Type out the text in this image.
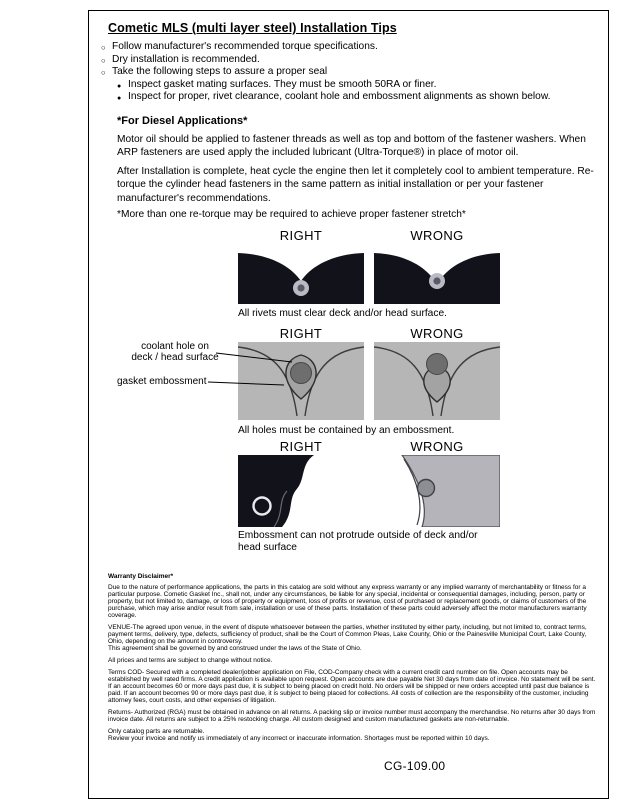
Cometic MLS (multi layer steel) Installation Tips
○ Follow manufacturer's recommended torque specifications.
○ Dry installation is recommended.
○ Take the following steps to assure a proper seal
● Inspect gasket mating surfaces. They must be smooth 50RA or finer.
● Inspect for proper, rivet clearance, coolant hole and embossment alignments as shown below.
*For Diesel Applications*
Motor oil should be applied to fastener threads as well as top and bottom of the fastener washers. When ARP fasteners are used apply the included lubricant (Ultra-Torque®) in place of motor oil.
After Installation is complete, heat cycle the engine then let it completely cool to ambient temperature. Re-torque the cylinder head fasteners in the same pattern as initial installation or per your fastener manufacturer's recommendations.
*More than one re-torque may be required to achieve proper fastener stretch*
RIGHT	WRONG
All rivets must clear deck and/or head surface.
RIGHT	WRONG
coolant hole on
deck / head surface
gasket embossment
All holes must be contained by an embossment.
RIGHT	WRONG
Embossment can not protrude outside of deck and/or head surface
Warranty Disclaimer*
Due to the nature of performance applications, the parts in this catalog are sold without any express warranty or any implied warranty of merchantability or fitness for a particular purpose. Cometic Gasket Inc., shall not, under any circumstances, be liable for any special, incidental or consequential damages, including, person, party or property, but not limited to, damage, or loss of property or equipment, loss of profits or revenue, cost of purchased or replacement goods, or claims of customers of the purchase, which may arise and/or result from sale, installation or use of these parts. Installation of these parts could adversely affect the motor manufacturers warranty coverage.
VENUE-The agreed upon venue, in the event of dispute whatsoever between the parties, whether instituted by either party, including, but not limited to, contract terms, payment terms, delivery, type, defects, sufficiency of product, shall be the Court of Common Pleas, Lake County, Ohio or the Painesville Municipal Court, Lake County, Ohio, depending on the amount in controversy.
This agreement shall be governed by and construed under the laws of the State of Ohio.
All prices and terms are subject to change without notice.
Terms COD- Secured with a completed dealer/jobber application on File, COD-Company check with a current credit card number on file. Open accounts may be established by well rated firms. A credit application is available upon request. Open accounts are due payable Net 30 days from date of invoice. No statement will be sent. If an account becomes 60 or more days past due, it is subject to being placed on credit hold. No orders will be shipped or new orders accepted until past due balance is paid. If an account becomes 90 or more days past due, it is subject to being placed for collections. All costs of collection are the responsibility of the customer, including attorney fees, court costs, and other expenses of litigation.
Returns- Authorized (RGA) must be obtained in advance on all returns. A packing slip or invoice number must accompany the merchandise. No returns after 30 days from invoice date. All returns are subject to a 25% restocking charge. All custom designed and custom manufactured gaskets are non-returnable.
Only catalog parts are returnable.
Review your invoice and notify us immediately of any incorrect or inaccurate information. Shortages must be reported within 10 days.
CG-109.00
